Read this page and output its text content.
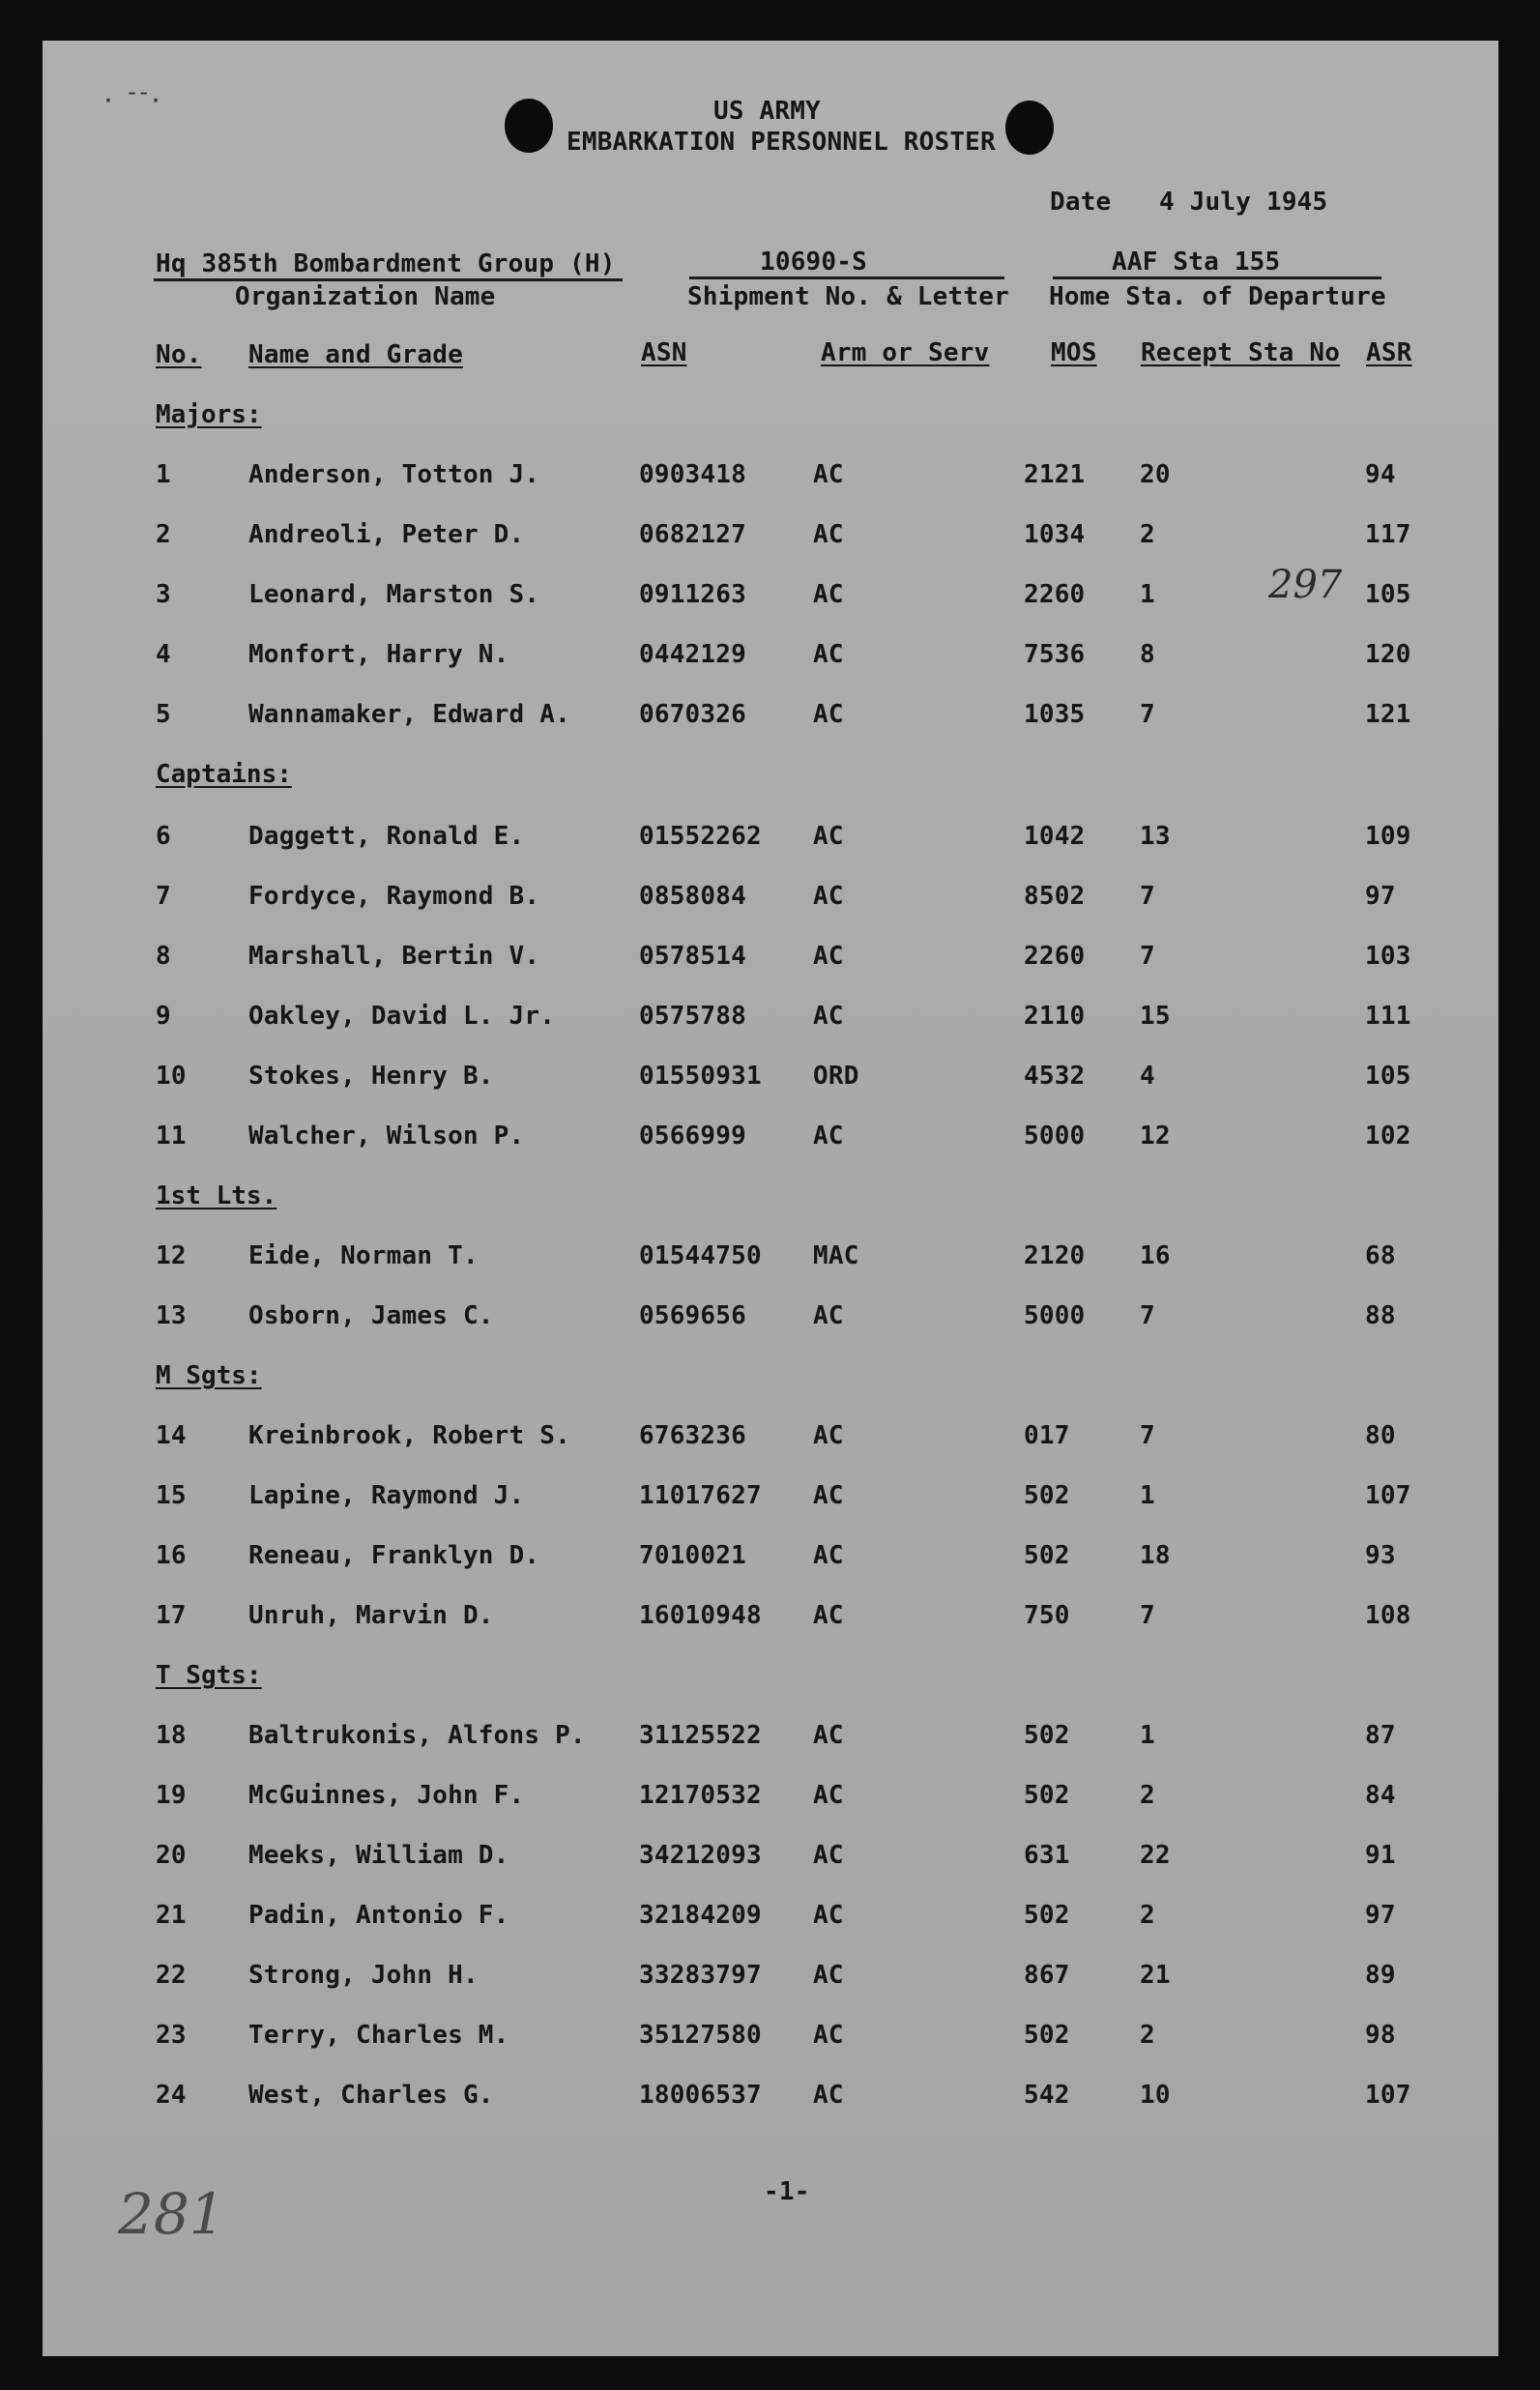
· ˉˉ·	US ARMY
EMBARKATION PERSONNEL ROSTER
Date 4 July 1945
Hq 385th Bombardment Group (H)
Organization Name
10690-S
Shipment No. & Letter
AAF Sta 155
Home Sta. of Departure
No. Name and Grade	ASN	Arm or Serv MOS Recept Sta No ASR
Majors:
1	Anderson, Totton J.	0903418	AC	2121 20	94
2	Andreoli, Peter D.	0682127	AC	1034 2	117
3	Leonard, Marston S.	0911263	AC	2260 1	105
4	Monfort, Harry N.	0442129	AC	7536 8	120
5	Wannamaker, Edward A.	0670326	AC	1035 7	121
Captains:
6	Daggett, Ronald E.	01552262 AC	1042 13	109
7	Fordyce, Raymond B.	0858084	AC	8502 7	97
8	Marshall, Bertin V.	0578514	AC	2260 7	103
9	Oakley, David L. Jr.	0575788	AC	2110 15	111
10 Stokes, Henry B.	01550931 ORD	4532 4	105
11 Walcher, Wilson P.	0566999	AC	5000 12	102
1st Lts.
12 Eide, Norman T.	01544750 MAC	2120 16	68
13 Osborn, James C.	0569656	AC	5000 7	88
M Sgts:
14 Kreinbrook, Robert S.	6763236	AC	017	7	80
15 Lapine, Raymond J.	11017627 AC	502	1	107
16 Reneau, Franklyn D.	7010021	AC	502	18	93
17 Unruh, Marvin D.	16010948 AC	750	7	108
T Sgts:
18 Baltrukonis, Alfons P. 31125522 AC	502	1	87
19 McGuinnes, John F.	12170532 AC	502	2	84
20 Meeks, William D.	34212093 AC	631	22	91
21 Padin, Antonio F.	32184209 AC	502	2	97
22 Strong, John H.	33283797 AC	867	21	89
23 Terry, Charles M.	35127580 AC	502	2	98
24 West, Charles G.	18006537 AC	542	10	107
297
-1-
281
